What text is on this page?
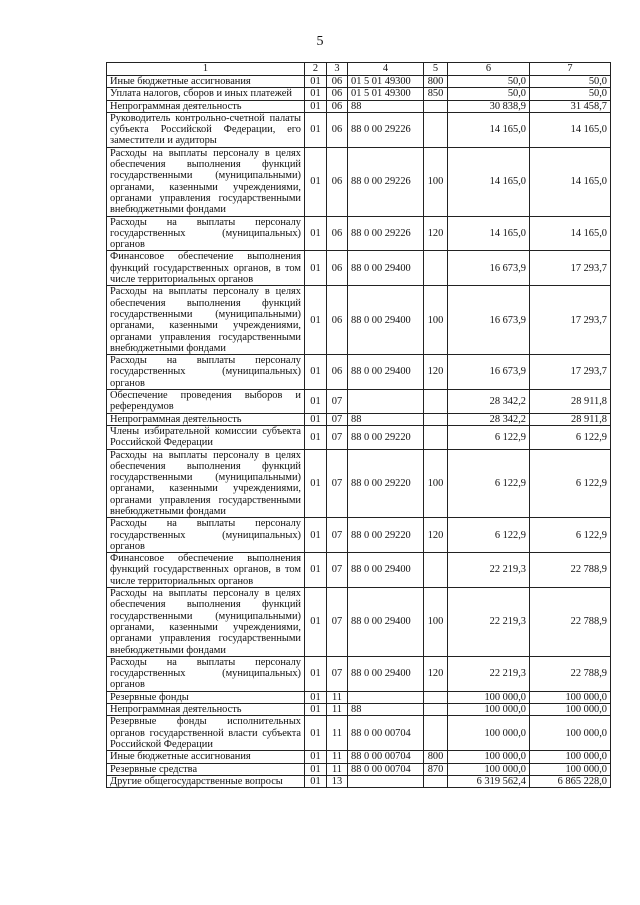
5
1	2	3	4	5	6	7
Иные бюджетные ассигнования	01	06	01 5 01 49300	800	50,0	50,0
Уплата налогов, сборов и иных платежей	01	06	01 5 01 49300	850	50,0	50,0
Непрограммная деятельность	01	06	88		30 838,9	31 458,7
Руководитель контрольно-счетной палаты субъекта Российской Федерации, его заместители и аудиторы	01	06	88 0 00 29226		14 165,0	14 165,0
Расходы на выплаты персоналу в целях обеспечения выполнения функций государственными (муниципальными) органами, казенными учреждениями, органами управления государственными внебюджетными фондами	01	06	88 0 00 29226	100	14 165,0	14 165,0
Расходы на выплаты персоналу государственных (муниципальных) органов	01	06	88 0 00 29226	120	14 165,0	14 165,0
Финансовое обеспечение выполнения функций государственных органов, в том числе территориальных органов	01	06	88 0 00 29400		16 673,9	17 293,7
Расходы на выплаты персоналу в целях обеспечения выполнения функций государственными (муниципальными) органами, казенными учреждениями, органами управления государственными внебюджетными фондами	01	06	88 0 00 29400	100	16 673,9	17 293,7
Расходы на выплаты персоналу государственных (муниципальных) органов	01	06	88 0 00 29400	120	16 673,9	17 293,7
Обеспечение проведения выборов и референдумов	01	07			28 342,2	28 911,8
Непрограммная деятельность	01	07	88		28 342,2	28 911,8
Члены избирательной комиссии субъекта Российской Федерации	01	07	88 0 00 29220		6 122,9	6 122,9
Расходы на выплаты персоналу в целях обеспечения выполнения функций государственными (муниципальными) органами, казенными учреждениями, органами управления государственными внебюджетными фондами	01	07	88 0 00 29220	100	6 122,9	6 122,9
Расходы на выплаты персоналу государственных (муниципальных) органов	01	07	88 0 00 29220	120	6 122,9	6 122,9
Финансовое обеспечение выполнения функций государственных органов, в том числе территориальных органов	01	07	88 0 00 29400		22 219,3	22 788,9
Расходы на выплаты персоналу в целях обеспечения выполнения функций государственными (муниципальными) органами, казенными учреждениями, органами управления государственными внебюджетными фондами	01	07	88 0 00 29400	100	22 219,3	22 788,9
Расходы на выплаты персоналу государственных (муниципальных) органов	01	07	88 0 00 29400	120	22 219,3	22 788,9
Резервные фонды	01	11			100 000,0	100 000,0
Непрограммная деятельность	01	11	88		100 000,0	100 000,0
Резервные фонды исполнительных органов государственной власти субъекта Российской Федерации	01	11	88 0 00 00704		100 000,0	100 000,0
Иные бюджетные ассигнования	01	11	88 0 00 00704	800	100 000,0	100 000,0
Резервные средства	01	11	88 0 00 00704	870	100 000,0	100 000,0
Другие общегосударственные вопросы	01	13			6 319 562,4	6 865 228,0
